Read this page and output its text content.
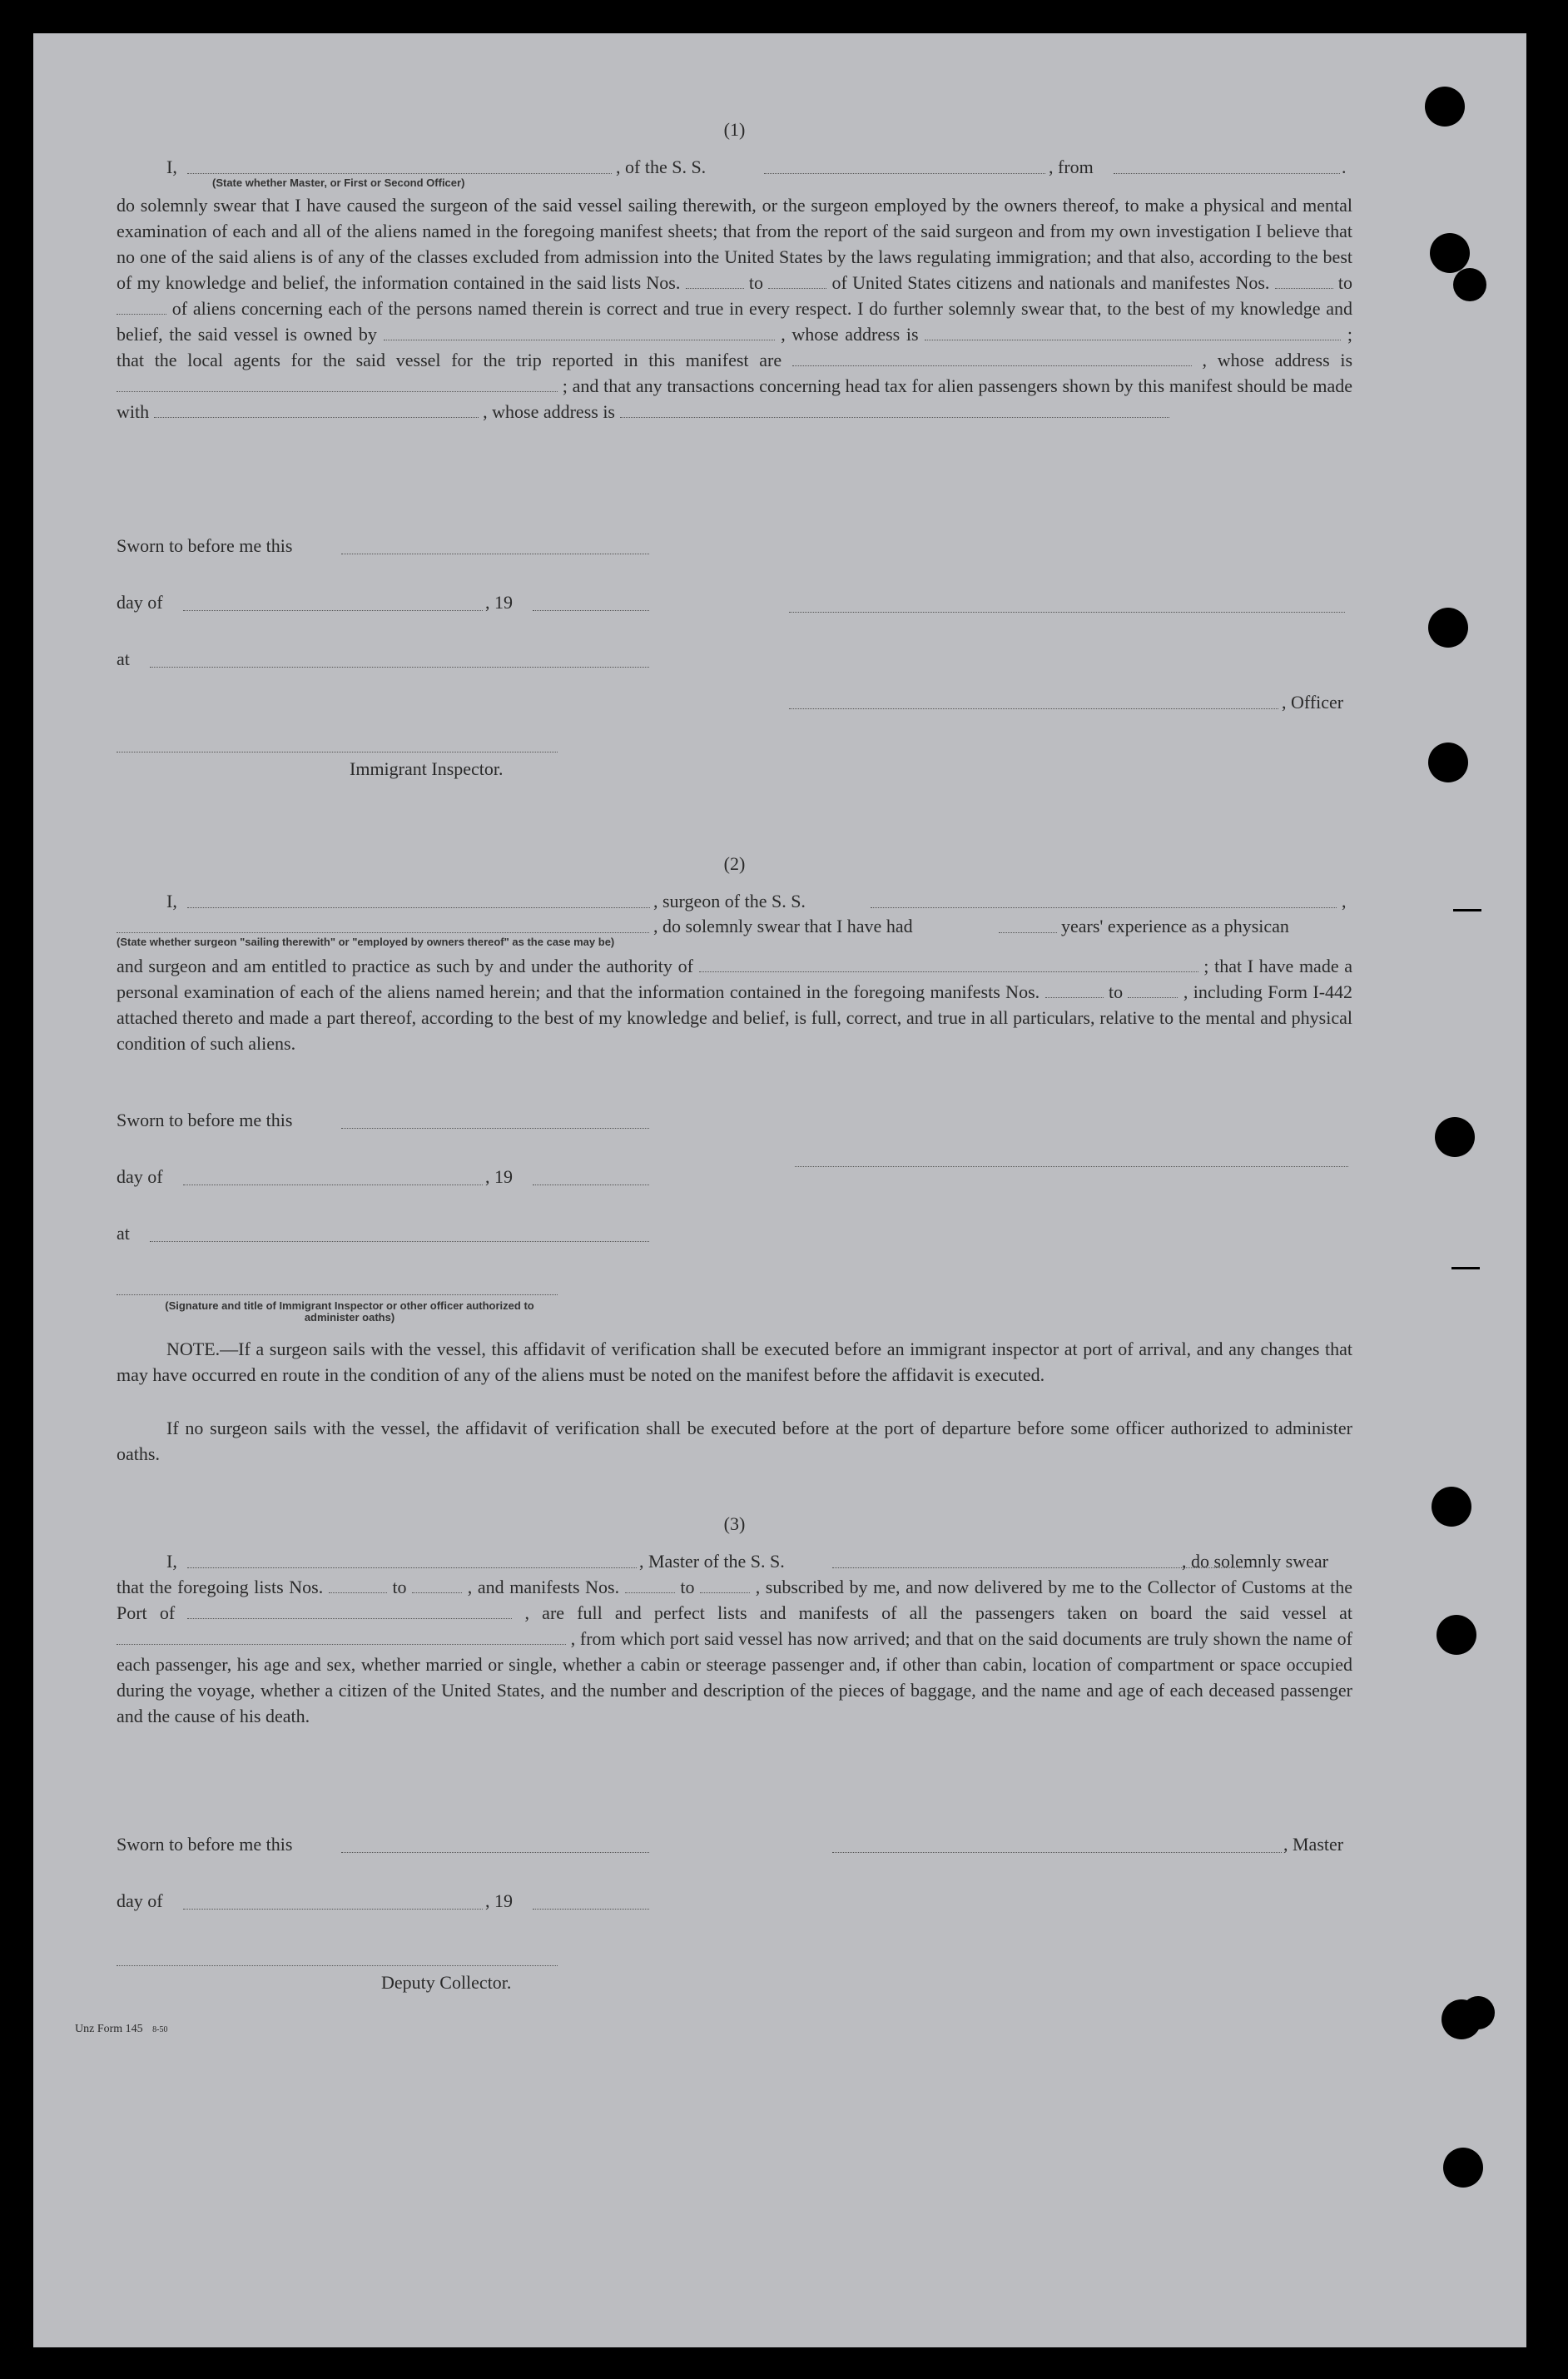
(1)

I,	, of the S. S.	, from	.
(State whether Master, or First or Second Officer)

do solemnly swear that I have caused the surgeon of the said vessel sailing therewith, or the surgeon employed by the owners thereof, to make a physical and mental examination of each and all of the aliens named in the foregoing manifest sheets; that from the report of the said surgeon and from my own investigation I believe that no one of the said aliens is of any of the classes excluded from admission into the United States by the laws regulating immigration; and that also, according to the best of my knowledge and belief, the information contained in the said lists Nos.	to	of United States citizens and nationals and manifestes Nos.	to  of aliens concerning each of the persons named therein is correct and true in every respect. I do further solemnly swear that, to the best of my knowledge and belief, the said vessel is owned by	, whose address is	; that the local agents for the said vessel for the trip reported in this manifest are	, whose address is  ; and that any transactions concerning head tax for alien passengers shown by this manifest should be made with	, whose address is

Sworn to before me this
day of	, 19
at
, Officer
Immigrant Inspector.

(2)

I,	, surgeon of the S. S.	,
, do solemnly swear that I have had	years' experience as a physican
(State whether surgeon "sailing therewith" or "employed by owners thereof" as the case may be)

and surgeon and am entitled to practice as such by and under the authority of	; that I have made a personal examination of each of the aliens named herein; and that the information contained in the foregoing manifests Nos.	to	, including Form I-442 attached thereto and made a part thereof, according to the best of my knowledge and belief, is full, correct, and true in all particulars, relative to the mental and physical condition of such aliens.

Sworn to before me this
day of	, 19
at
(Signature and title of Immigrant Inspector or other officer authorized to administer oaths)

NOTE.—If a surgeon sails with the vessel, this affidavit of verification shall be executed before an immigrant inspector at port of arrival, and any changes that may have occurred en route in the condition of any of the aliens must be noted on the manifest before the affidavit is executed.

If no surgeon sails with the vessel, the affidavit of verification shall be executed before at the port of departure before some officer authorized to administer oaths.

(3)

I,	, Master of the S. S.	, do solemnly swear

that the foregoing lists Nos.	to	, and manifests Nos.	to	, subscribed by me, and now delivered by me to the Collector of Customs at the Port of	, are full and perfect lists and manifests of all the passengers taken on board the said vessel at  , from which port said vessel has now arrived; and that on the said documents are truly shown the name of each passenger, his age and sex, whether married or single, whether a cabin or steerage passenger and, if other than cabin, location of compartment or space occupied during the voyage, whether a citizen of the United States, and the number and description of the pieces of baggage, and the name and age of each deceased passenger and the cause of his death.

Sworn to before me this
day of	, 19
, Master
Deputy Collector.
Unz Form 145 8-50
